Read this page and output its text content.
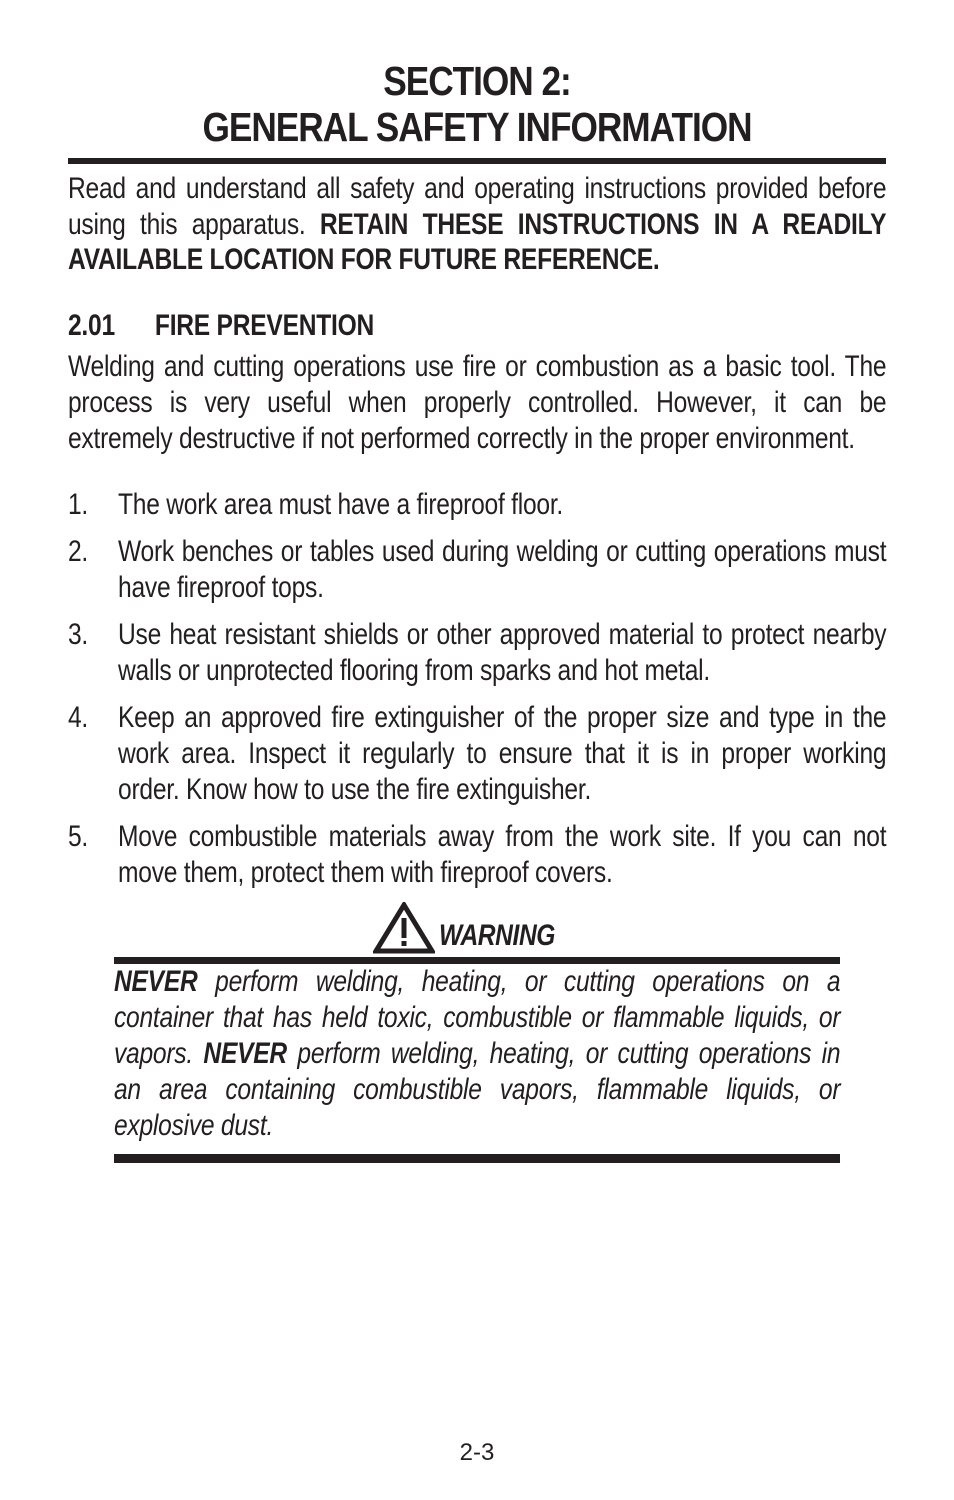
SECTION 2:
GENERAL SAFETY INFORMATION

Read and understand all safety and operating instructions provided before using this apparatus. RETAIN THESE INSTRUCTIONS IN A READILY AVAILABLE LOCATION FOR FUTURE REFERENCE.

2.01 FIRE PREVENTION

Welding and cutting operations use fire or combustion as a basic tool. The process is very useful when properly controlled. However, it can be extremely destructive if not performed correctly in the proper environment.

1. The work area must have a fireproof floor.
2. Work benches or tables used during welding or cutting operations must have fireproof tops.
3. Use heat resistant shields or other approved material to protect nearby walls or unprotected flooring from sparks and hot metal.
4. Keep an approved fire extinguisher of the proper size and type in the work area. Inspect it regularly to ensure that it is in proper working order. Know how to use the fire extinguisher.
5. Move combustible materials away from the work site. If you can not move them, protect them with fireproof covers.
WARNING

NEVER perform welding, heating, or cutting operations on a container that has held toxic, combustible or flammable liquids, or vapors. NEVER perform welding, heating, or cutting operations in an area containing combustible vapors, flammable liquids, or explosive dust.

2-3
